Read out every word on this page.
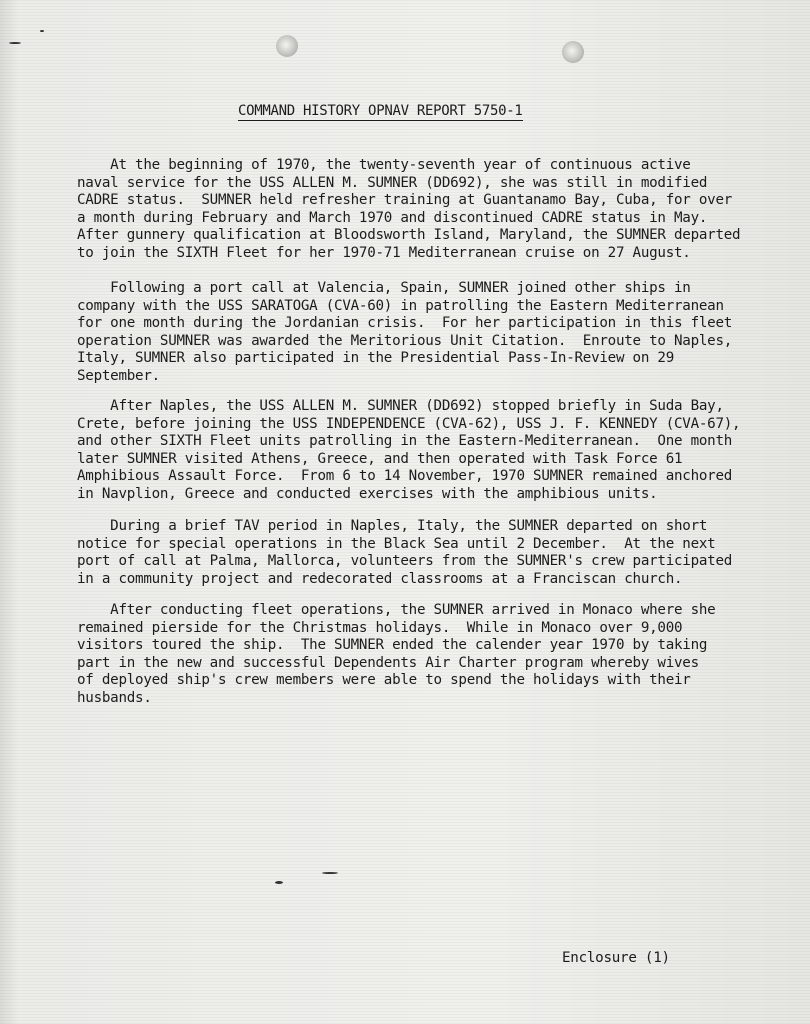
COMMAND HISTORY OPNAV REPORT 5750-1

At the beginning of 1970, the twenty-seventh year of continuous active
naval service for the USS ALLEN M. SUMNER (DD692), she was still in modified
CADRE status.  SUMNER held refresher training at Guantanamo Bay, Cuba, for over
a month during February and March 1970 and discontinued CADRE status in May.
After gunnery qualification at Bloodsworth Island, Maryland, the SUMNER departed
to join the SIXTH Fleet for her 1970-71 Mediterranean cruise on 27 August.

Following a port call at Valencia, Spain, SUMNER joined other ships in
company with the USS SARATOGA (CVA-60) in patrolling the Eastern Mediterranean
for one month during the Jordanian crisis.  For her participation in this fleet
operation SUMNER was awarded the Meritorious Unit Citation.  Enroute to Naples,
Italy, SUMNER also participated in the Presidential Pass-In-Review on 29
September.

After Naples, the USS ALLEN M. SUMNER (DD692) stopped briefly in Suda Bay,
Crete, before joining the USS INDEPENDENCE (CVA-62), USS J. F. KENNEDY (CVA-67),
and other SIXTH Fleet units patrolling in the Eastern-Mediterranean.  One month
later SUMNER visited Athens, Greece, and then operated with Task Force 61
Amphibious Assault Force.  From 6 to 14 November, 1970 SUMNER remained anchored
in Navplion, Greece and conducted exercises with the amphibious units.

During a brief TAV period in Naples, Italy, the SUMNER departed on short
notice for special operations in the Black Sea until 2 December.  At the next
port of call at Palma, Mallorca, volunteers from the SUMNER's crew participated
in a community project and redecorated classrooms at a Franciscan church.

After conducting fleet operations, the SUMNER arrived in Monaco where she
remained pierside for the Christmas holidays.  While in Monaco over 9,000
visitors toured the ship.  The SUMNER ended the calender year 1970 by taking
part in the new and successful Dependents Air Charter program whereby wives
of deployed ship's crew members were able to spend the holidays with their
husbands.

Enclosure (1)
